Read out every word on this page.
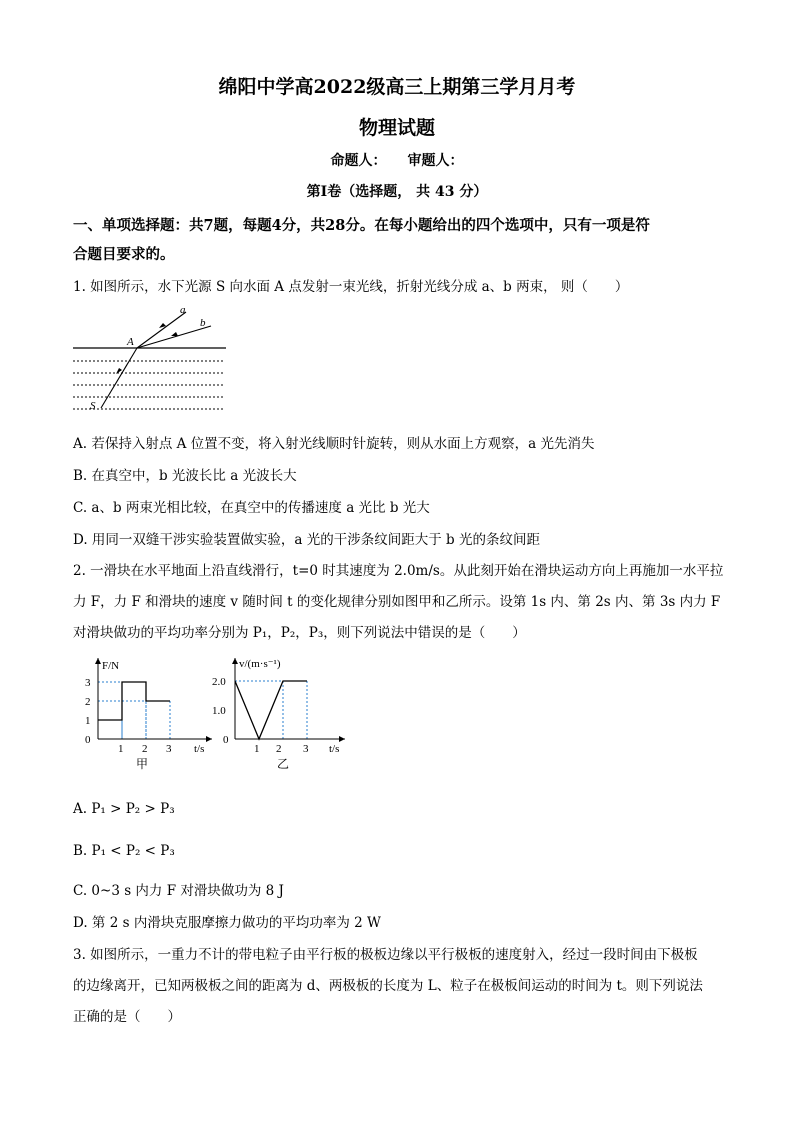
绵阳中学高2022级高三上期第三学月月考
物理试题
命题人：　　审题人：
第I卷（选择题， 共 43 分）
一、单项选择题：共7题，每题4分，共28分。在每小题给出的四个选项中，只有一项是符
合题目要求的。
1. 如图所示，水下光源 S 向水面 A 点发射一束光线，折射光线分成 a、b 两束， 则（　　）
a
b
A
S
A. 若保持入射点 A 位置不变，将入射光线顺时针旋转，则从水面上方观察，a 光先消失
B. 在真空中，b 光波长比 a 光波长大
C. a、b 两束光相比较，在真空中的传播速度 a 光比 b 光大
D. 用同一双缝干涉实验装置做实验，a 光的干涉条纹间距大于 b 光的条纹间距
2. 一滑块在水平地面上沿直线滑行，t=0 时其速度为 2.0m/s。从此刻开始在滑块运动方向上再施加一水平拉
力 F，力 F 和滑块的速度 v 随时间 t 的变化规律分别如图甲和乙所示。设第 1s 内、第 2s 内、第 3s 内力 F
对滑块做功的平均功率分别为 P₁，P₂，P₃，则下列说法中错误的是（　　）
F/N
t/s
0
1
2
3
1 2 3
甲
v/(m·s⁻¹)
t/s
0
1.0
2.0
1 2 3
乙
A. P₁ > P₂ > P₃
B. P₁ < P₂ < P₃
C. 0~3 s 内力 F 对滑块做功为 8 J
D. 第 2 s 内滑块克服摩擦力做功的平均功率为 2 W
3. 如图所示，一重力不计的带电粒子由平行板的极板边缘以平行极板的速度射入，经过一段时间由下极板
的边缘离开，已知两极板之间的距离为 d、两极板的长度为 L、粒子在极板间运动的时间为 t。则下列说法
正确的是（　　）
